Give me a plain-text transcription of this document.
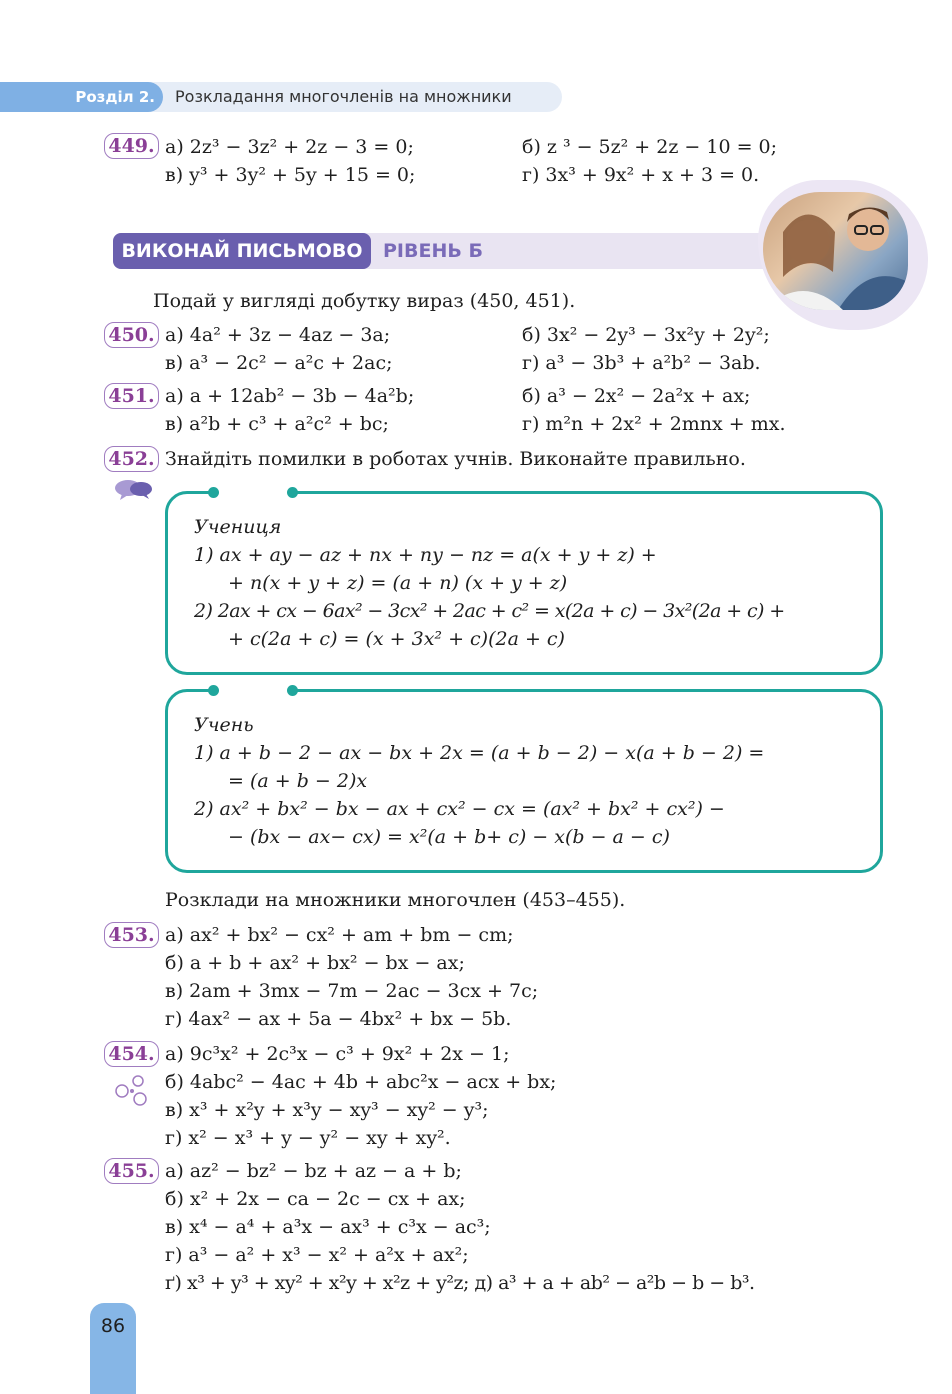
Розділ 2.	Розкладання многочленів на множники
449. а) 2z³ − 3z² + 2z − 3 = 0;	б) z ³ − 5z² + 2z − 10 = 0;
в) y³ + 3y² + 5y + 15 = 0;	г) 3x³ + 9x² + x + 3 = 0.
ВИКОНАЙ ПИСЬМОВО	РІВЕНЬ Б
Подай у вигляді добутку вираз (450, 451).
450. а) 4a² + 3z − 4az − 3a;	б) 3x² − 2y³ − 3x²y + 2y²;
в) a³ − 2c² − a²c + 2ac;	г) a³ − 3b³ + a²b² − 3ab.
451. а) a + 12ab² − 3b − 4a²b;	б) a³ − 2x² − 2a²x + ax;
в) a²b + c³ + a²c² + bc;	г) m²n + 2x² + 2mnx + mx.
452. Знайдіть помилки в роботах учнів. Виконайте правильно.
Учениця
1) ax + ay − az + nx + ny − nz = a(x + y + z) +
+ n(x + y + z) = (a + n) (x + y + z)
2) 2ax + cx − 6ax² − 3cx² + 2ac + c² = x(2a + c) − 3x²(2a + c) +
+ c(2a + c) = (x + 3x² + c)(2a + c)
Учень
1) a + b − 2 − ax − bx + 2x = (a + b − 2) − x(a + b − 2) =
= (a + b − 2)x
2) ax² + bx² − bx − ax + cx² − cx = (ax² + bx² + cx²) −
− (bx − ax− cx) = x²(a + b+ c) − x(b − a − c)
Розклади на множники многочлен (453–455).
453. а) ax² + bx² − cx² + am + bm − cm;
б) a + b + ax² + bx² − bx − ax;
в) 2am + 3mx − 7m − 2ac − 3cx + 7c;
г) 4ax² − ax + 5a − 4bx² + bx − 5b.
454. а) 9c³x² + 2c³x − c³ + 9x² + 2x − 1;
б) 4abc² − 4ac + 4b + abc²x − acx + bx;
в) x³ + x²y + x³y − xy³ − xy² − y³;
г) x² − x³ + y − y² − xy + xy².
455. а) az² − bz² − bz + az − a + b;
б) x² + 2x − ca − 2c − cx + ax;
в) x⁴ − a⁴ + a³x − ax³ + c³x − ac³;
г) a³ − a² + x³ − x² + a²x + ax²;
ґ) x³ + y³ + xy² + x²y + x²z + y²z; д) a³ + a + ab² − a²b − b − b³.
86
